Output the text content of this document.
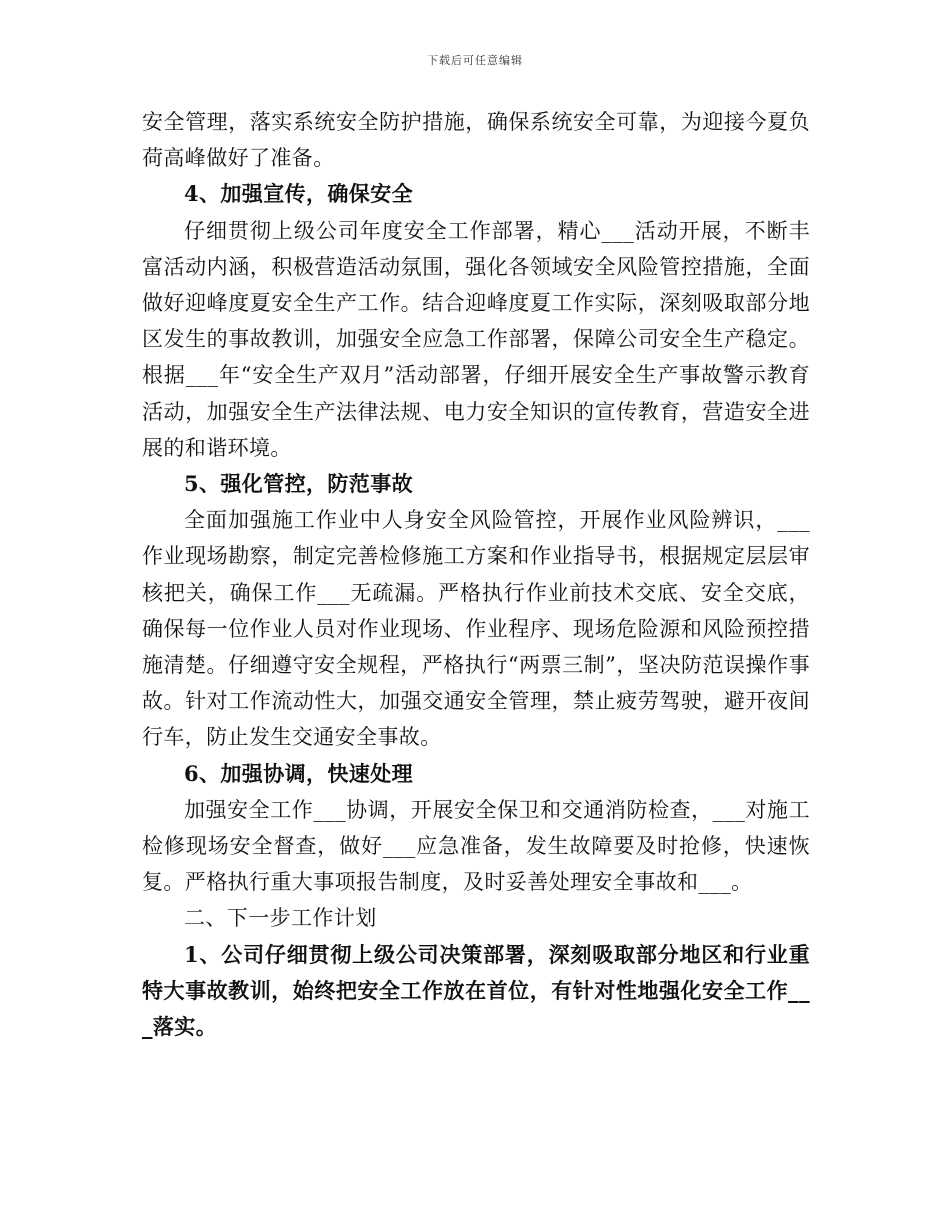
下载后可任意编辑

安全管理，落实系统安全防护措施，确保系统安全可靠，为迎接今夏负荷高峰做好了准备。

4、加强宣传，确保安全

仔细贯彻上级公司年度安全工作部署，精心___活动开展，不断丰富活动内涵，积极营造活动氛围，强化各领域安全风险管控措施，全面做好迎峰度夏安全生产工作。结合迎峰度夏工作实际，深刻吸取部分地区发生的事故教训，加强安全应急工作部署，保障公司安全生产稳定。根据___年“安全生产双月”活动部署，仔细开展安全生产事故警示教育活动，加强安全生产法律法规、电力安全知识的宣传教育，营造安全进展的和谐环境。

5、强化管控，防范事故

全面加强施工作业中人身安全风险管控，开展作业风险辨识，___作业现场勘察，制定完善检修施工方案和作业指导书，根据规定层层审核把关，确保工作___无疏漏。严格执行作业前技术交底、安全交底，确保每一位作业人员对作业现场、作业程序、现场危险源和风险预控措施清楚。仔细遵守安全规程，严格执行“两票三制”，坚决防范误操作事故。针对工作流动性大，加强交通安全管理，禁止疲劳驾驶，避开夜间行车，防止发生交通安全事故。

6、加强协调，快速处理

加强安全工作___协调，开展安全保卫和交通消防检查，___对施工检修现场安全督查，做好___应急准备，发生故障要及时抢修，快速恢复。严格执行重大事项报告制度，及时妥善处理安全事故和___。

二、下一步工作计划

1、公司仔细贯彻上级公司决策部署，深刻吸取部分地区和行业重特大事故教训，始终把安全工作放在首位，有针对性地强化安全工作___落实。
